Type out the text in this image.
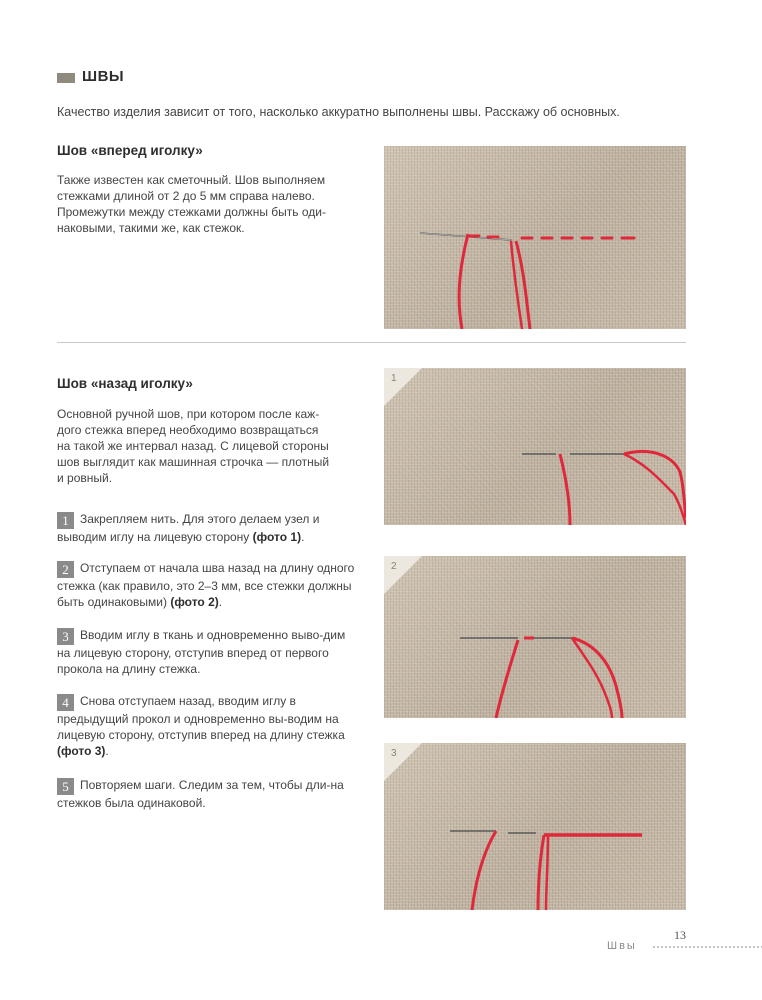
ШВЫ
Качество изделия зависит от того, насколько аккуратно выполнены швы. Расскажу об основных.
Шов «вперед иголку»
Также известен как сметочный. Шов выполняем
стежками длиной от 2 до 5 мм справа налево.
Промежутки между стежками должны быть оди-
наковыми, такими же, как стежок.
Шов «назад иголку»
Основной ручной шов, при котором после каж-
дого стежка вперед необходимо возвращаться
на такой же интервал назад. С лицевой стороны
шов выглядит как машинная строчка — плотный
и ровный.
1 Закрепляем нить. Для этого делаем узел и выводим иглу на лицевую сторону (фото 1).
2 Отступаем от начала шва назад на длину одного стежка (как правило, это 2–3 мм, все стежки должны быть одинаковыми) (фото 2).
3 Вводим иглу в ткань и одновременно выво-дим на лицевую сторону, отступив вперед от первого прокола на длину стежка.
4 Снова отступаем назад, вводим иглу в предыдущий прокол и одновременно вы-водим на лицевую сторону, отступив вперед на длину стежка (фото 3).
5 Повторяем шаги. Следим за тем, чтобы дли-на стежков была одинаковой.
1
2
3
13
Швы
